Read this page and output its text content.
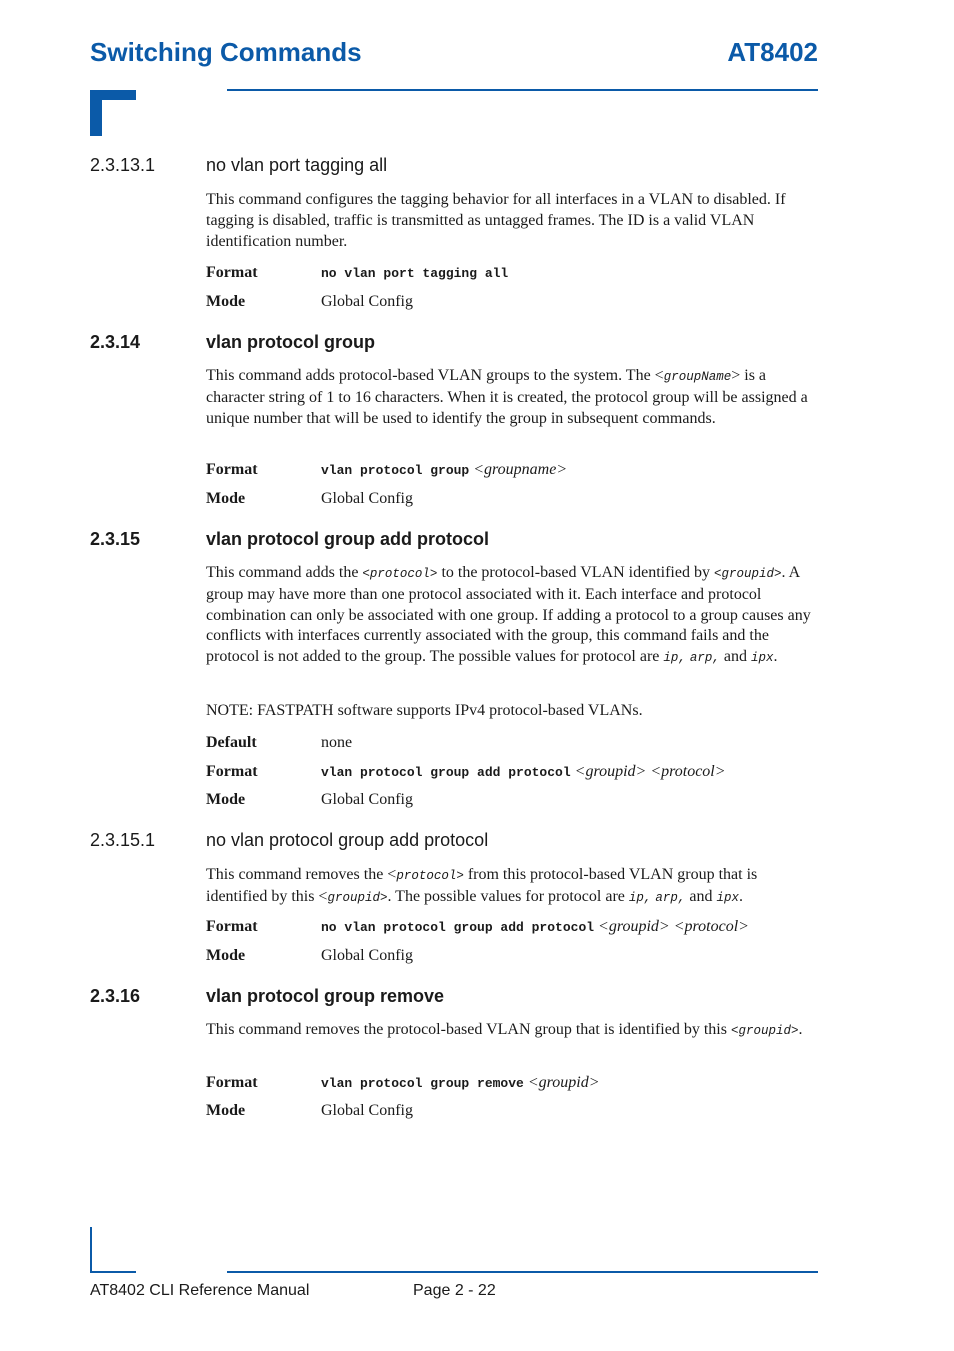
Switching Commands	AT8402
2.3.13.1	no vlan port tagging all

This command configures the tagging behavior for all interfaces in a VLAN to disabled. If tagging is disabled, traffic is transmitted as untagged frames. The ID is a valid VLAN identification number.

Format	no vlan port tagging all
Mode	Global Config
2.3.14	vlan protocol group

This command adds protocol-based VLAN groups to the system. The <groupName> is a character string of 1 to 16 characters. When it is created, the protocol group will be assigned a unique number that will be used to identify the group in subsequent commands.

Format	vlan protocol group <groupname>
Mode	Global Config
2.3.15	vlan protocol group add protocol

This command adds the <protocol> to the protocol-based VLAN identified by <groupid>. A group may have more than one protocol associated with it. Each interface and protocol combination can only be associated with one group. If adding a protocol to a group causes any conflicts with interfaces currently associated with the group, this command fails and the protocol is not added to the group. The possible values for protocol are ip, arp, and ipx.

NOTE: FASTPATH software supports IPv4 protocol-based VLANs.

Default	none
Format	vlan protocol group add protocol <groupid> <protocol>
Mode	Global Config
2.3.15.1	no vlan protocol group add protocol

This command removes the <protocol> from this protocol-based VLAN group that is identified by this <groupid>. The possible values for protocol are ip, arp, and ipx.

Format	no vlan protocol group add protocol <groupid> <protocol>
Mode	Global Config
2.3.16	vlan protocol group remove

This command removes the protocol-based VLAN group that is identified by this <groupid>.

Format	vlan protocol group remove <groupid>
Mode	Global Config
AT8402 CLI Reference Manual	Page 2 - 22
